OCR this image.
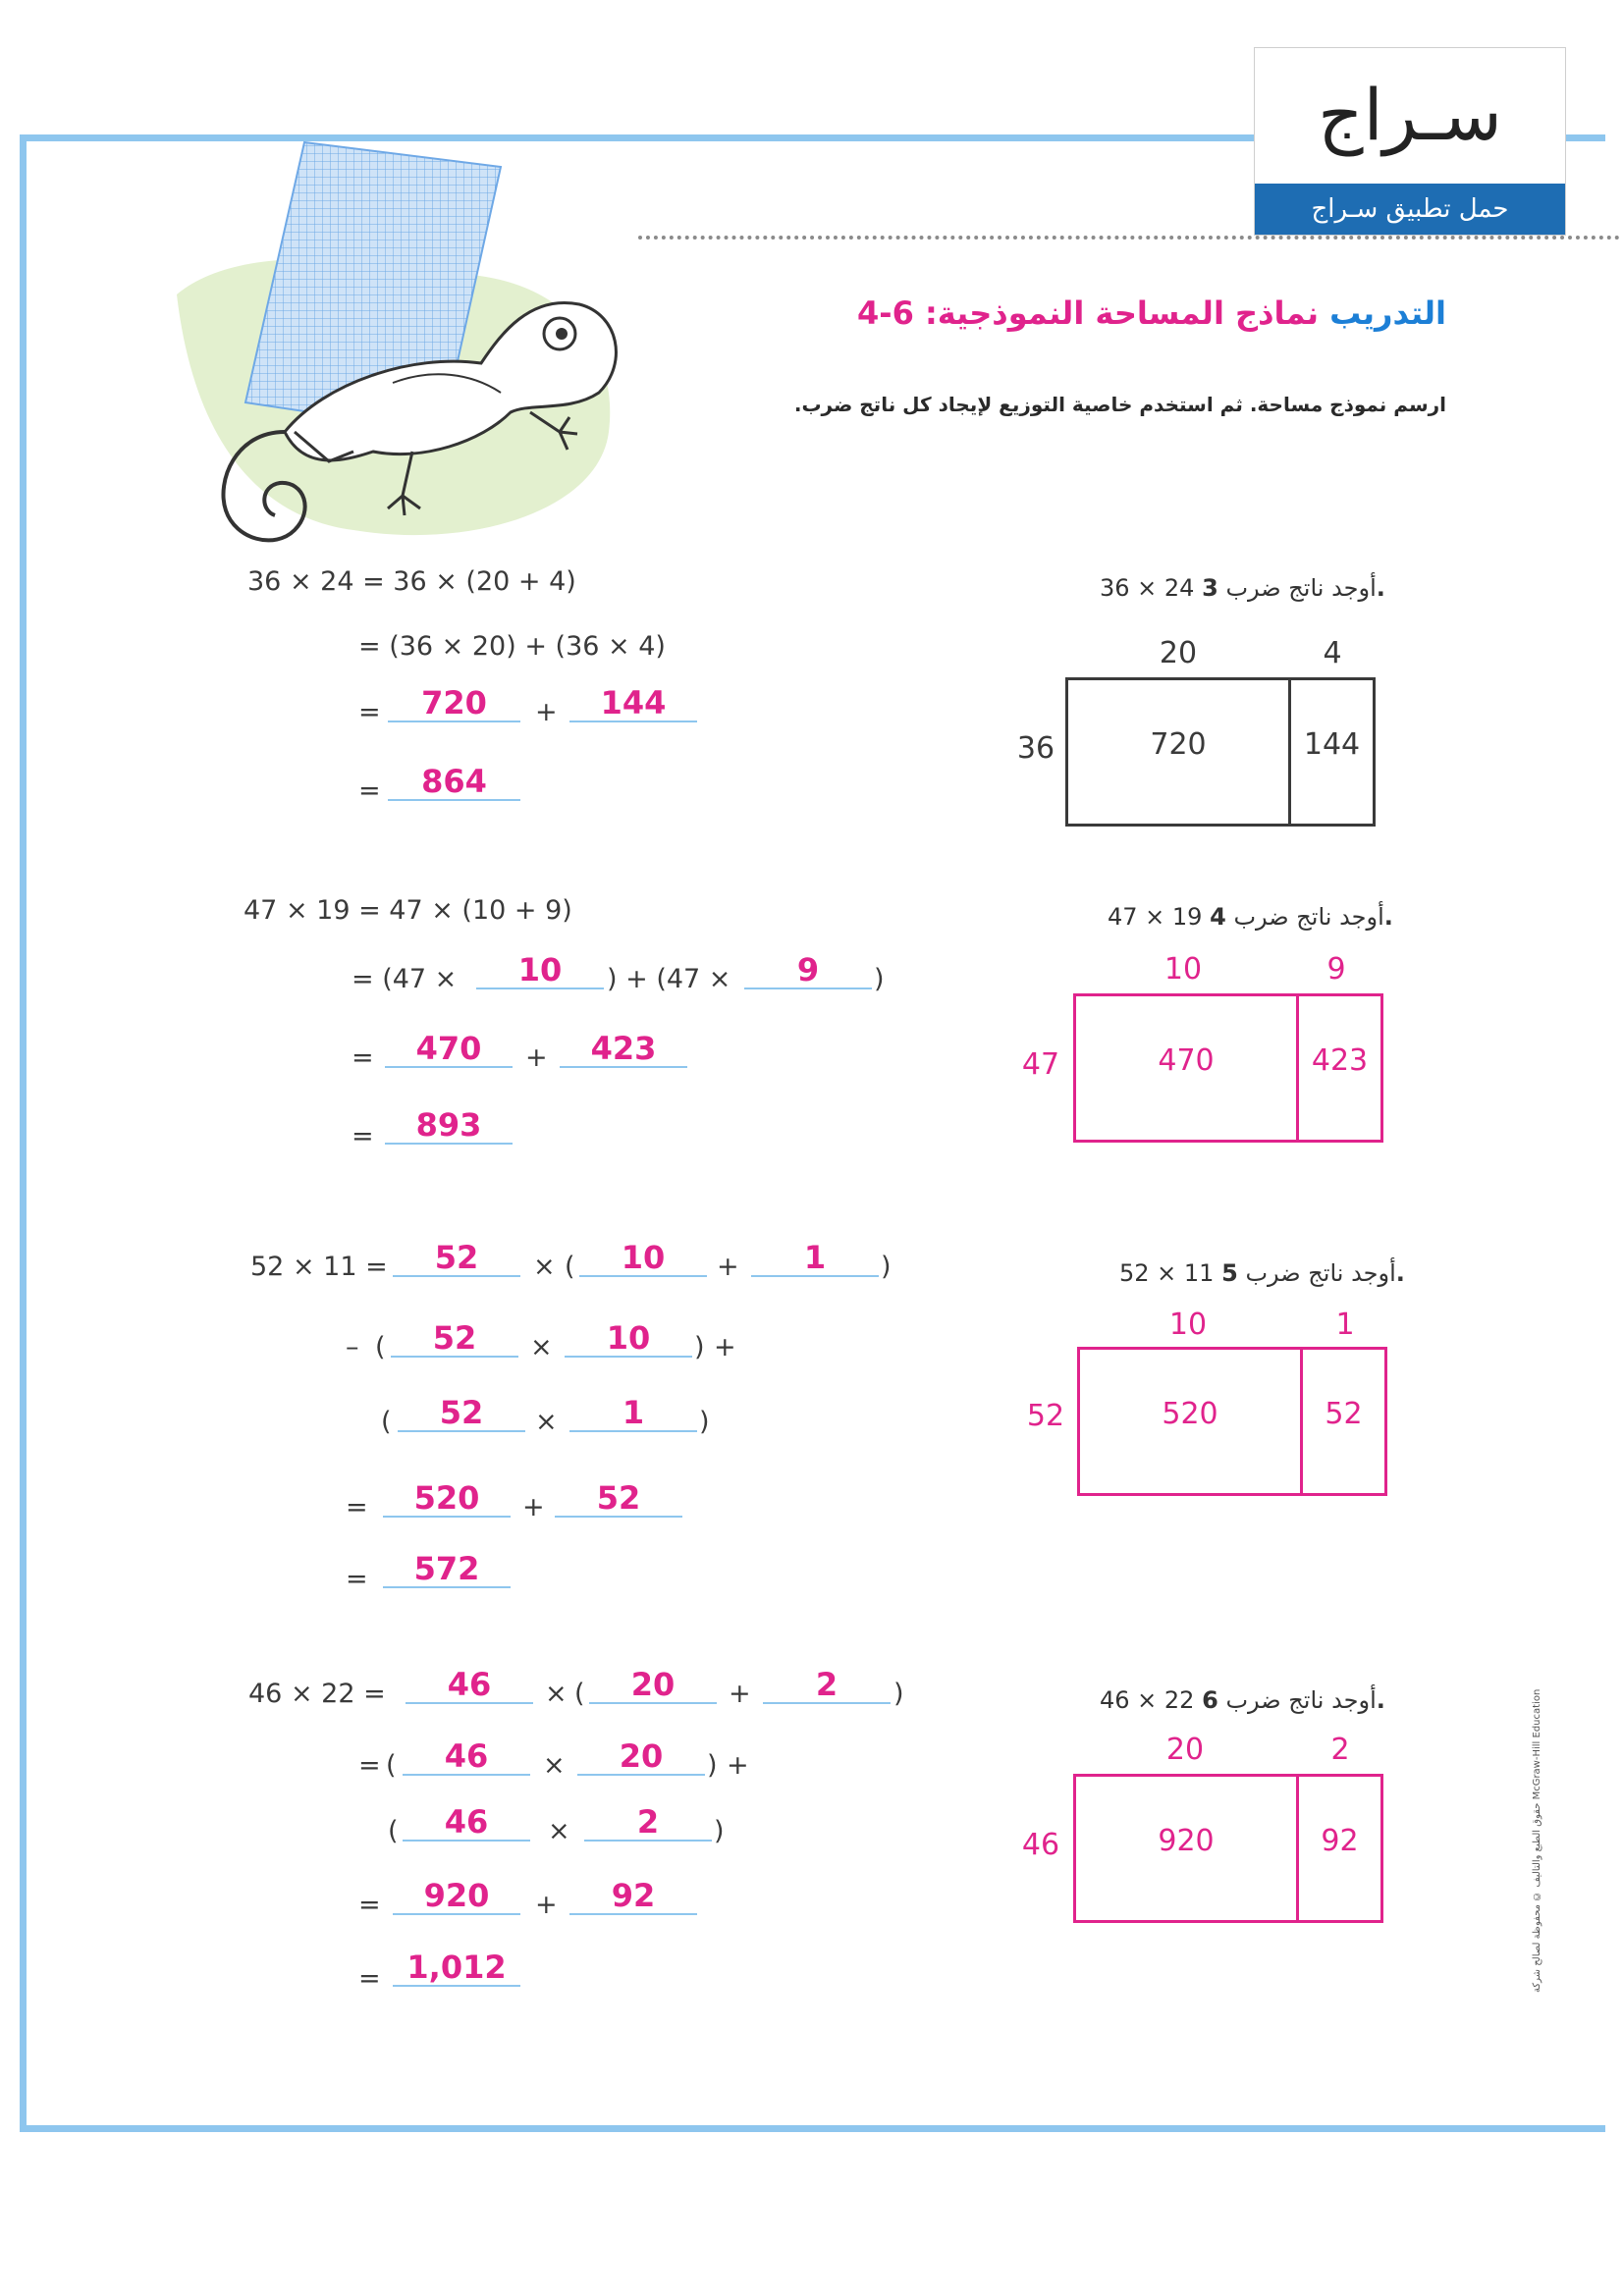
سـراج
حمل تطبيق سـراج
التدريب نماذج المساحة النموذجية: 6-4
ارسم نموذج مساحة. ثم استخدم خاصية التوزيع لإيجاد كل ناتج ضرب.
36 × 24 أوجد ناتج ضرب 3.
36 × 24 = 36 × (20 + 4)
= (36 × 20) + (36 × 4)
=	720	+	144
=	864
20	4
36	720	144
47 × 19 أوجد ناتج ضرب 4.
47 × 19 = 47 × (10 + 9)
= (47 ×	10	) + (47 ×	9	)
=	470	+	423
=	893
10	9
47	470	423
52 × 11 أوجد ناتج ضرب 5.
52 × 11 =	52	× (	10	+	1	)
– (	52	×	10	) +
(	52	×	1	)
=	520	+	52
=	572
10	1
52	520	52
46 × 22 أوجد ناتج ضرب 6.
46 × 22 =	46	× (	20	+	2	)
= (	46	×	20	) +
(	46	×	2	)
=	920	+	92
= 1,012
20	2
46	920	92	حقوق الطبع والتأليف © محفوظة لصالح شركة McGraw-Hill Education
